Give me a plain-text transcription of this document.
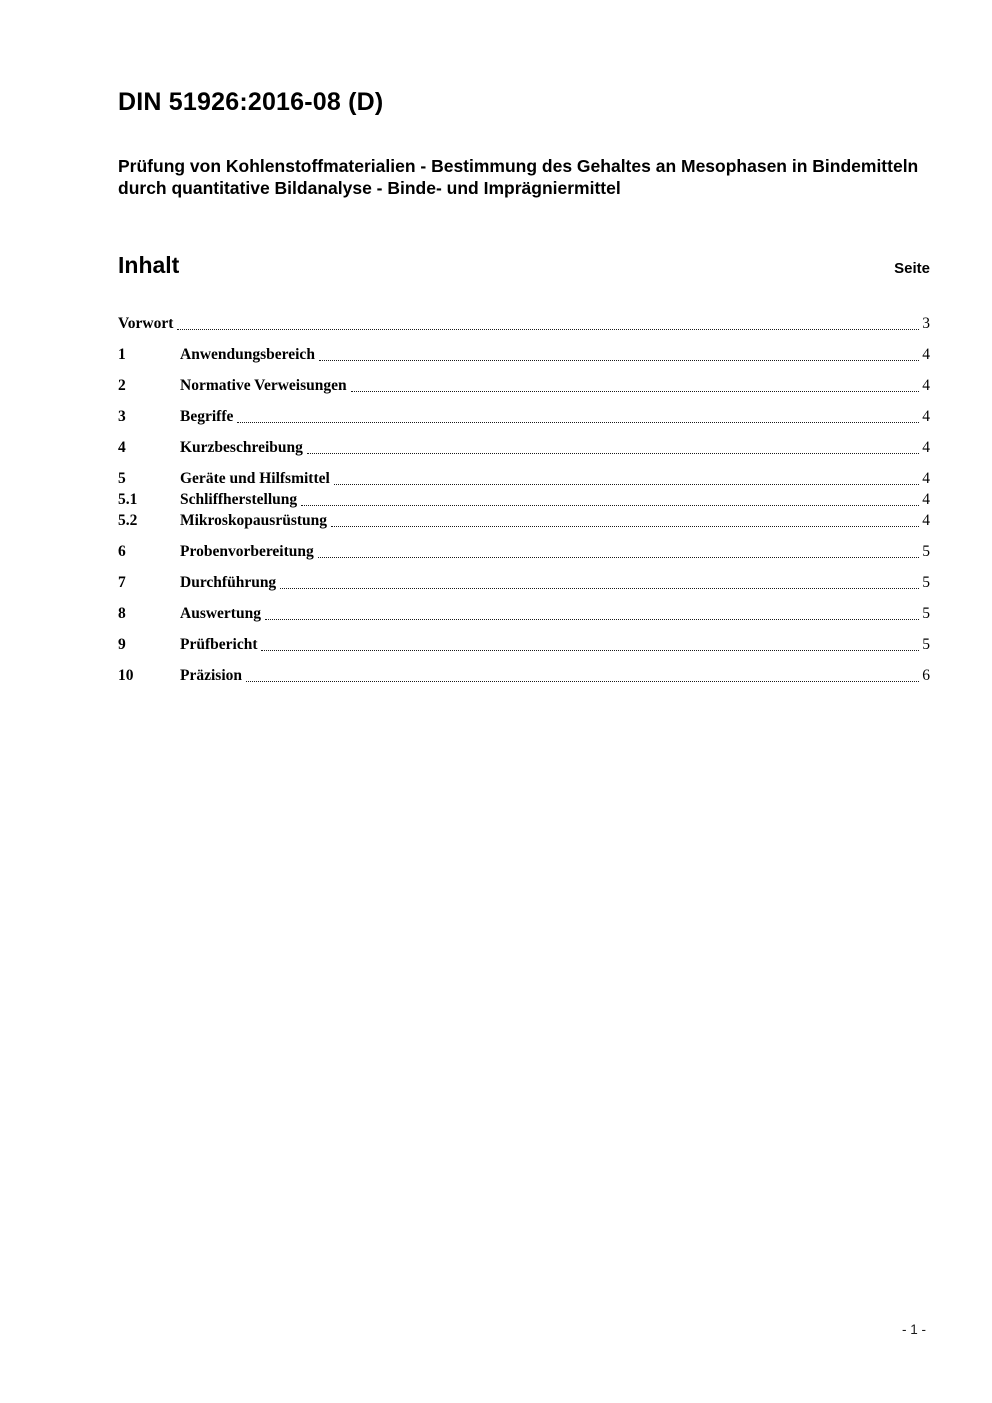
DIN 51926:2016-08 (D)
Prüfung von Kohlenstoffmaterialien - Bestimmung des Gehaltes an Mesophasen in Bindemitteln durch quantitative Bildanalyse - Binde- und Imprägniermittel
Inhalt	Seite
Vorwort	3
1	Anwendungsbereich	4
2	Normative Verweisungen	4
3	Begriffe	4
4	Kurzbeschreibung	4
5	Geräte und Hilfsmittel	4
5.1	Schliffherstellung	4
5.2	Mikroskopausrüstung	4
6	Probenvorbereitung	5
7	Durchführung	5
8	Auswertung	5
9	Prüfbericht	5
10	Präzision	6
- 1 -
